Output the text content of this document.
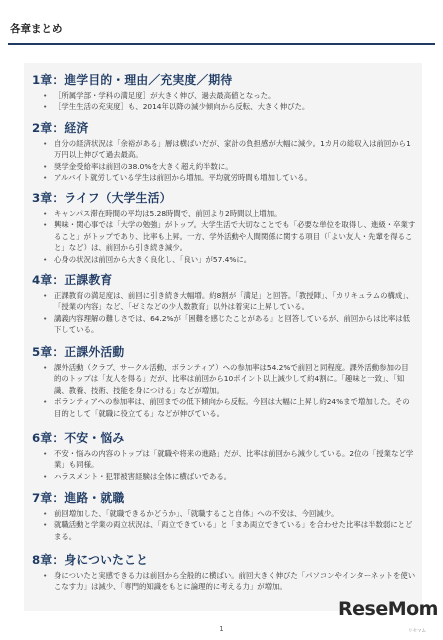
各章まとめ
1章：進学目的・理由／充実度／期待
• ［所属学部・学科の満足度］が大きく伸び、過去最高値となった。
• ［学生生活の充実度］も、2014年以降の減少傾向から反転、大きく伸びた。
2章：経済
• 自分の経済状況は「余裕がある」層は横ばいだが、家計の負担感が大幅に減少。1カ月の総収入は前回から1万円以上伸びて過去最高。
• 奨学金受給率は前回の38.0%を大きく超え約半数に。
• アルバイト就労している学生は前回から増加。平均就労時間も増加している。
3章：ライフ（大学生活）
• キャンパス滞在時間の平均は5.28時間で、前回より2時間以上増加。
• 興味・関心事では「大学の勉強」がトップ。大学生活で大切なことでも「必要な単位を取得し、進級・卒業すること」がトップであり、比率も上昇。一方、学外活動や人間関係に関する項目（「よい友人・先輩を得ること」など）は、前回から引き続き減少。
• 心身の状況は前回から大きく良化し、「良い」が57.4%に。
4章：正課教育
• 正課教育の満足度は、前回に引き続き大幅増。約8割が「満足」と回答。「教授陣」、「カリキュラムの構成」、「授業の内容」など、「ゼミなどの少人数教育」以外は着実に上昇している。
• 講義内容理解の難しさでは、64.2%が「困難を感じたことがある」と回答しているが、前回からは比率は低下している。
5章：正課外活動
• 課外活動（クラブ、サークル活動、ボランティア）への参加率は54.2%で前回と同程度。課外活動参加の目的のトップは「友人を得る」だが、比率は前回から10ポイント以上減少して約4割に。「趣味と一致」、「知識、教養、技術、技能を身につける」などが増加。
• ボランティアへの参加率は、前回までの低下傾向から反転。今回は大幅に上昇し約24%まで増加した。その目的として「就職に役立てる」などが伸びている。
6章：不安・悩み
• 不安・悩みの内容のトップは「就職や将来の進路」だが、比率は前回から減少している。2位の「授業など学業」も同様。
• ハラスメント・犯罪被害経験は全体に横ばいである。
7章：進路・就職
• 前回増加した、「就職できるかどうか」、「就職すること自体」への不安は、今回減少。
• 就職活動と学業の両立状況は、「両立できている」と「まあ両立できている」を合わせた比率は半数弱にとどまる。
8章：身についたこと
• 身についたと実感できる力は前回から全般的に横ばい。前回大きく伸びた「パソコンやインターネットを使いこなす力」は減少、「専門的知識をもとに論理的に考える力」が増加。
ReseMom
リセマム
1
